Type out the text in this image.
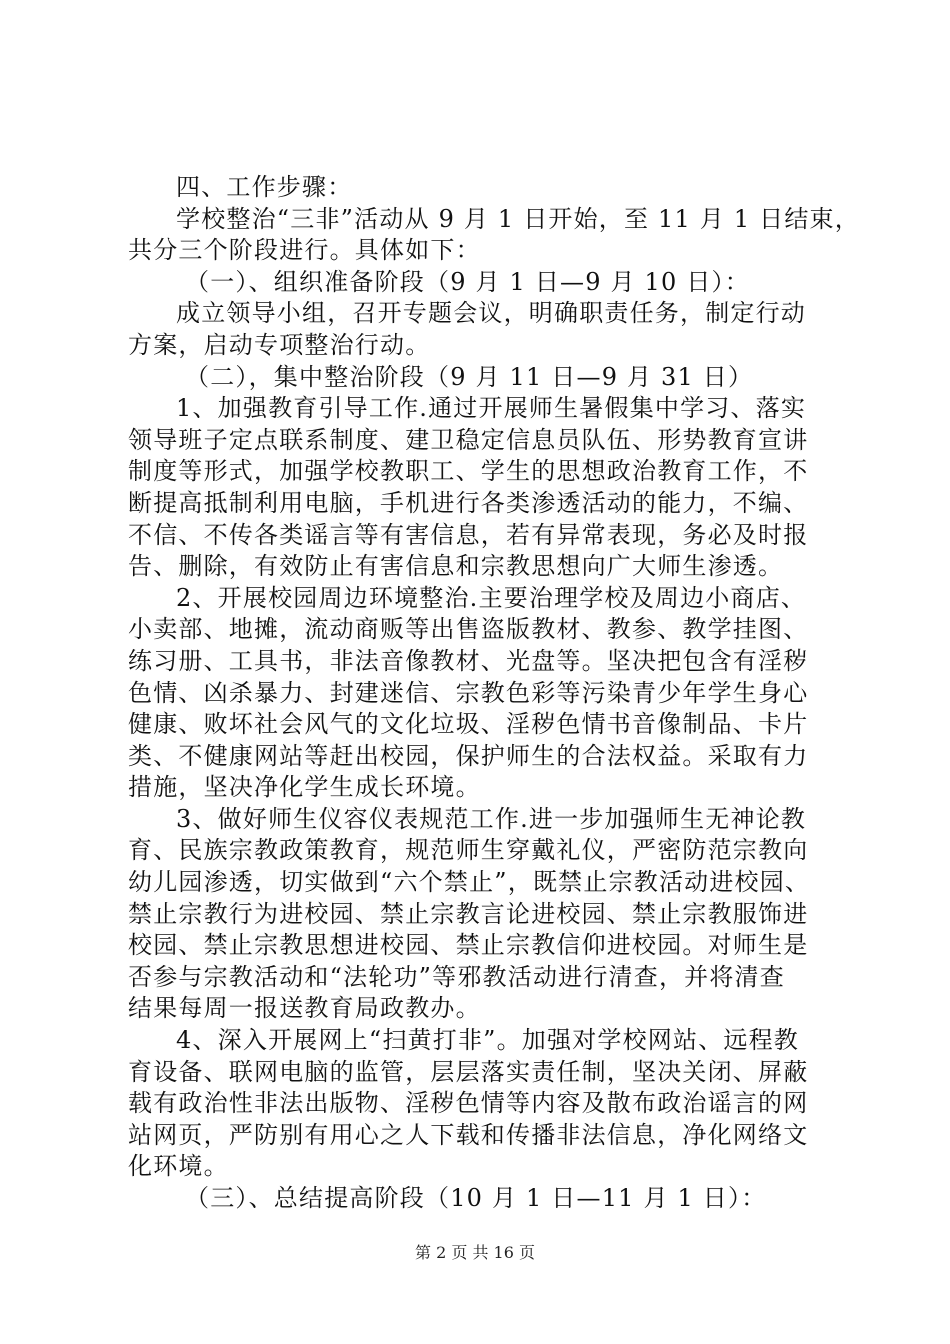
四、工作步骤：
学校整治“三非”活动从 9 月 1 日开始，至 11 月 1 日结束，
共分三个阶段进行。具体如下：
（一）、组织准备阶段（9 月 1 日—9 月 10 日）：
成立领导小组，召开专题会议，明确职责任务，制定行动
方案，启动专项整治行动。
（二），集中整治阶段（9 月 11 日—9 月 31 日）
1、加强教育引导工作.通过开展师生暑假集中学习、落实
领导班子定点联系制度、建卫稳定信息员队伍、形势教育宣讲
制度等形式，加强学校教职工、学生的思想政治教育工作，不
断提高抵制利用电脑，手机进行各类渗透活动的能力，不编、
不信、不传各类谣言等有害信息，若有异常表现，务必及时报
告、删除，有效防止有害信息和宗教思想向广大师生渗透。
2、开展校园周边环境整治.主要治理学校及周边小商店、
小卖部、地摊，流动商贩等出售盗版教材、教参、教学挂图、
练习册、工具书，非法音像教材、光盘等。坚决把包含有淫秽
色情、凶杀暴力、封建迷信、宗教色彩等污染青少年学生身心
健康、败坏社会风气的文化垃圾、淫秽色情书音像制品、卡片
类、不健康网站等赶出校园，保护师生的合法权益。采取有力
措施，坚决净化学生成长环境。
3、做好师生仪容仪表规范工作.进一步加强师生无神论教
育、民族宗教政策教育，规范师生穿戴礼仪，严密防范宗教向
幼儿园渗透，切实做到“六个禁止”，既禁止宗教活动进校园、
禁止宗教行为进校园、禁止宗教言论进校园、禁止宗教服饰进
校园、禁止宗教思想进校园、禁止宗教信仰进校园。对师生是
否参与宗教活动和“法轮功”等邪教活动进行清查，并将清查
结果每周一报送教育局政教办。
4、深入开展网上“扫黄打非”。加强对学校网站、远程教
育设备、联网电脑的监管，层层落实责任制，坚决关闭、屏蔽
载有政治性非法出版物、淫秽色情等内容及散布政治谣言的网
站网页，严防别有用心之人下载和传播非法信息，净化网络文
化环境。
（三）、总结提高阶段（10 月 1 日—11 月 1 日）：
第 2 页 共 16 页
